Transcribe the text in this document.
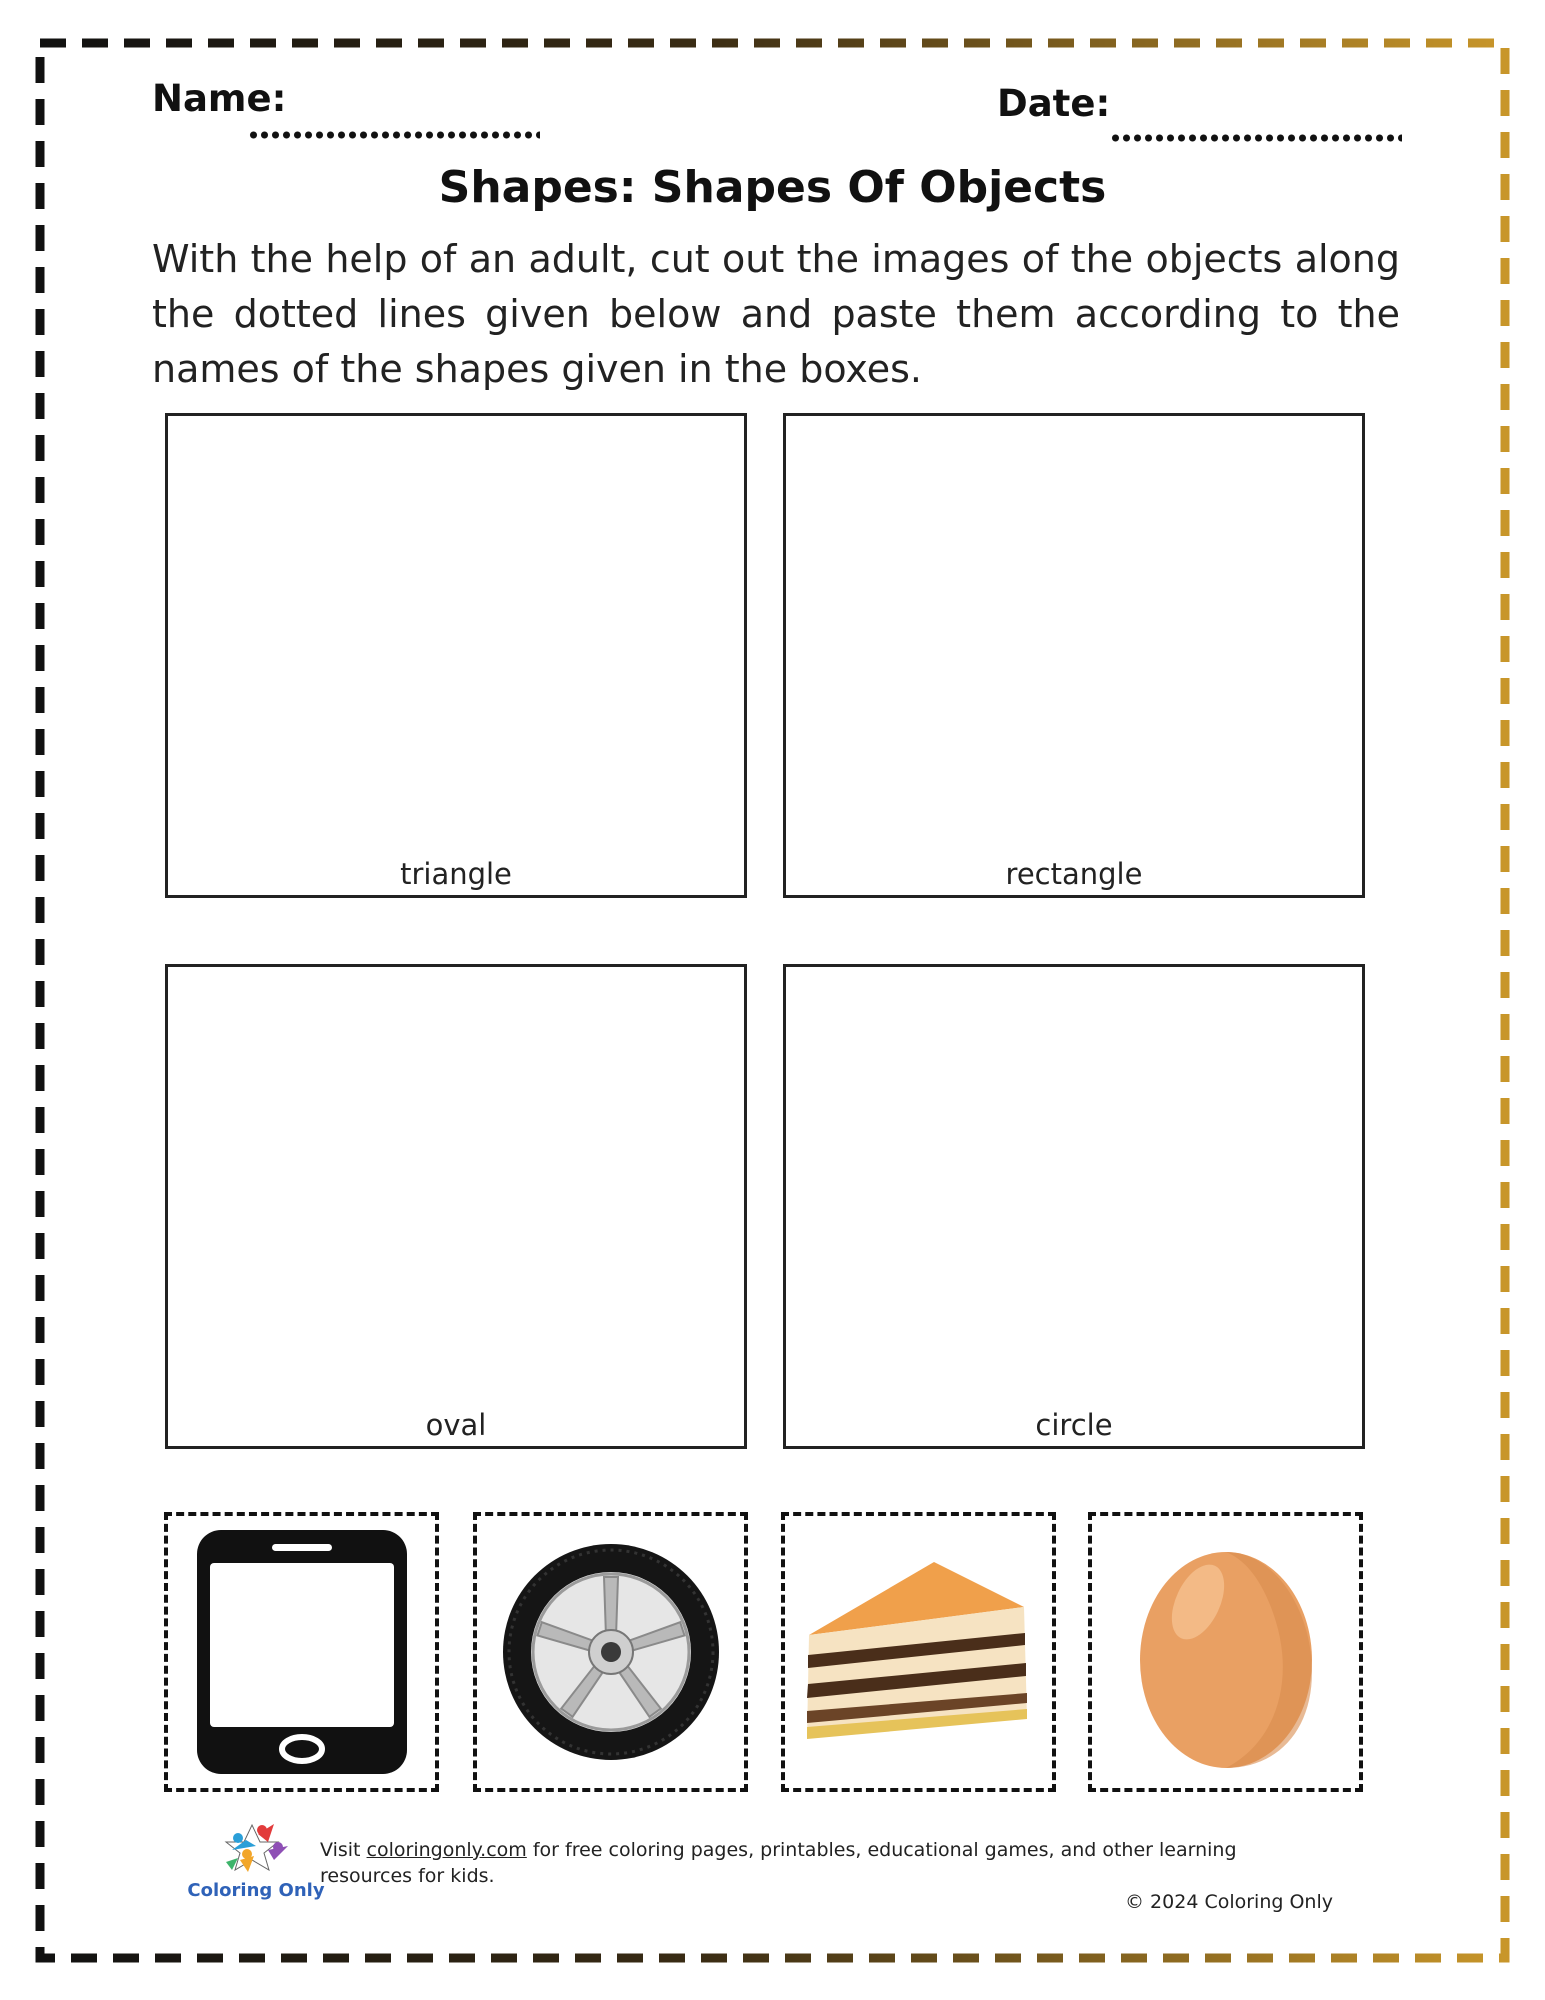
Name:	Date:
Shapes: Shapes Of Objects
With the help of an adult, cut out the images of the objects along the dotted lines given below and paste them according to the names of the shapes given in the boxes.
triangle	rectangle
oval	circle
Coloring Only
Visit coloringonly.com for free coloring pages, printables, educational games, and other learning resources for kids.
© 2024 Coloring Only
